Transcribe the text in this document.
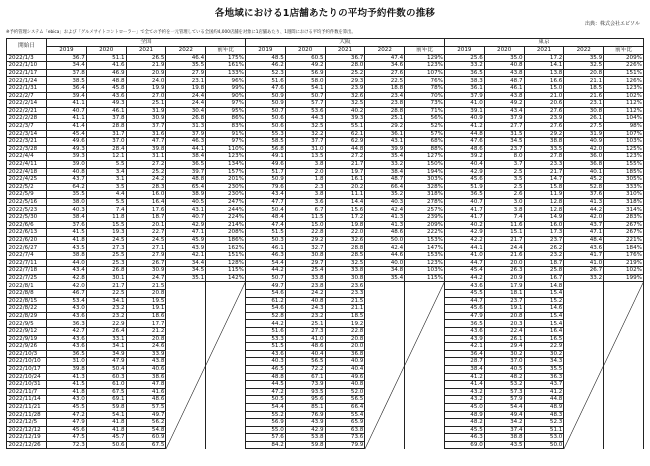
各地域における1店舗あたりの平均予約件数の推移
出典：株式会社エビソル
※予約管理システム「ebica」および「グルメサイトコントローラー」で全ての予約を一元管理している全国約4,000店舗を対象に1店舗あたり、1週間における平均予約件数を算出。
開始日	全国					大阪					東京				
	2019	2020	2021	2022	前年比	2019	2020	2021	2022	前年比	2019	2020	2021	2022	前年比
2022/1/3	36.7	51.1	26.5	46.4	175%	48.5	60.5	36.7	47.4	129%	25.6	35.0	17.2	35.9	209%
2022/1/10	34.4	41.6	21.9	35.5	161%	46.2	49.2	28.0	34.6	123%	33.2	40.8	14.1	32.5	226%
2022/1/17	37.8	46.9	20.9	27.9	133%	52.3	56.9	25.2	27.6	107%	36.5	43.8	13.8	20.8	151%
2022/1/24	38.5	48.8	24.0	23.1	96%	51.6	58.0	29.3	22.5	76%	38.3	48.7	16.6	21.1	126%
2022/1/31	36.4	45.8	19.9	19.8	99%	47.6	54.1	23.9	18.8	78%	36.1	46.1	15.0	18.5	123%
2022/2/7	39.4	43.6	27.0	24.4	90%	50.9	50.7	32.6	23.4	70%	37.9	43.8	21.0	21.6	102%
2022/2/14	41.1	49.3	25.1	24.4	97%	50.9	57.7	32.5	23.8	73%	41.0	49.2	20.6	23.1	112%
2022/2/21	40.7	46.1	31.9	30.4	95%	50.7	53.6	40.2	28.8	71%	39.1	43.4	27.6	30.8	112%
2022/2/28	41.1	37.8	30.9	26.8	86%	50.6	44.3	39.3	25.1	56%	40.9	37.9	23.9	26.1	104%
2022/3/7	41.4	28.8	37.7	31.3	83%	50.6	32.5	55.1	29.2	52%	41.2	27.7	27.6	27.5	98%
2022/3/14	45.4	31.7	31.6	37.9	91%	55.3	32.2	62.1	36.1	57%	44.8	31.5	29.2	31.9	107%
2022/3/21	49.6	37.0	47.7	46.3	97%	58.5	37.7	62.9	43.1	68%	47.6	34.5	38.8	40.9	103%
2022/3/28	49.3	28.4	39.8	44.1	110%	56.8	31.0	44.8	39.9	88%	48.6	23.7	33.5	42.0	125%
2022/4/4	39.3	12.1	31.1	38.4	123%	49.1	13.5	27.2	35.4	127%	39.2	8.0	27.8	36.0	123%
2022/4/11	39.0	5.5	27.2	36.5	134%	49.6	3.8	21.7	33.2	150%	40.4	3.7	23.3	36.8	155%
2022/4/18	40.8	3.4	25.2	39.7	157%	51.7	2.0	19.7	38.4	194%	42.9	2.5	21.7	40.1	185%
2022/4/25	43.7	3.1	24.2	48.8	201%	50.9	1.8	16.1	48.7	303%	45.6	3.5	14.7	45.2	305%
2022/5/2	64.2	3.5	28.3	65.4	230%	79.6	2.3	20.2	66.4	328%	51.9	2.5	15.8	52.8	333%
2022/5/9	35.5	4.4	16.0	38.9	230%	43.4	3.8	11.1	35.2	318%	36.5	2.6	11.9	37.6	310%
2022/5/16	38.0	5.5	16.4	40.5	247%	47.7	3.6	14.4	40.3	278%	40.7	3.0	12.8	41.3	318%
2022/5/23	40.3	7.4	17.6	43.1	244%	50.4	6.7	15.6	42.4	257%	41.7	3.8	12.8	44.2	314%
2022/5/30	38.4	11.8	18.7	40.7	224%	48.4	11.5	17.2	41.3	239%	41.7	7.4	14.9	42.0	283%
2022/6/6	37.6	15.5	20.1	42.9	214%	47.4	15.0	19.8	41.3	209%	40.2	11.6	16.0	43.7	267%
2022/6/13	41.5	19.3	22.7	47.1	208%	51.5	22.8	22.0	48.6	222%	42.9	15.1	17.3	47.1	267%
2022/6/20	41.8	24.5	24.5	45.9	186%	50.3	29.2	32.6	50.0	153%	42.2	21.7	23.7	48.4	221%
2022/6/27	43.5	27.3	27.1	43.9	162%	46.1	32.7	28.8	42.4	147%	44.1	24.4	26.2	43.6	184%
2022/7/4	38.8	25.5	27.9	42.1	151%	46.3	30.8	28.5	44.6	153%	41.0	21.6	23.2	41.7	176%
2022/7/11	44.0	25.3	26.7	34.4	128%	54.4	29.7	32.5	40.0	123%	44.7	20.0	18.7	41.0	219%
2022/7/18	43.4	26.8	30.9	34.5	115%	44.2	25.4	33.8	34.8	103%	45.4	26.3	25.8	26.7	102%
2022/7/25	42.8	30.1	24.7	35.1	142%	50.7	33.8	30.8	35.4	115%	44.2	20.9	16.7	33.2	199%
2022/8/1	42.0	21.7	21.5			49.7	23.8	23.6			43.6	17.9	14.8		
2022/8/8	46.7	22.5	20.8			54.6	24.2	23.3			45.5	18.1	15.4		
2022/8/15	53.4	34.1	19.5			61.2	40.8	21.5			44.7	23.7	15.2		
2022/8/22	43.0	23.2	19.1			54.6	24.3	21.1			45.6	19.1	14.6		
2022/8/29	43.6	23.2	18.6			52.8	23.2	18.5			47.9	20.8	15.4		
2022/9/5	36.3	22.9	17.7			44.2	25.1	19.2			36.5	20.3	15.4		
2022/9/12	42.7	26.4	21.2			51.6	27.3	22.8			43.6	22.4	16.4		
2022/9/19	43.6	33.1	20.8			53.3	41.0	20.8			43.9	26.1	16.5		
2022/9/26	43.6	34.1	24.6			51.5	48.6	20.0			42.1	29.4	22.9		
2022/10/3	36.5	34.9	33.9			43.6	40.4	36.8			36.4	30.2	30.2		
2022/10/10	31.0	47.9	43.8			40.3	56.5	40.9			28.7	37.0	34.3		
2022/10/17	39.8	50.4	40.6			46.5	72.2	40.4			38.4	40.5	35.5		
2022/10/24	41.3	60.3	38.6			48.8	67.1	49.6			41.2	48.2	36.3		
2022/10/31	41.5	61.0	47.8			44.5	73.9	40.8			41.4	53.2	43.7		
2022/11/7	41.8	67.5	41.6			47.2	93.5	52.0			43.2	57.3	41.2		
2022/11/14	43.0	69.1	48.6			50.5	95.6	56.5			43.2	57.9	44.8		
2022/11/21	45.5	59.8	57.5			54.4	85.1	66.4			45.0	54.4	48.9		
2022/11/28	47.2	54.1	49.7			55.2	76.9	55.4			48.9	49.4	48.3		
2022/12/5	47.9	41.8	56.2			56.9	43.9	65.9			48.2	34.2	52.3		
2022/12/12	45.6	41.8	54.8			55.0	42.9	63.8			45.5	37.4	51.1		
2022/12/19	47.5	45.7	60.9			57.6	53.8	73.6			46.3	38.8	53.0		
2022/12/26	72.3	50.6	67.5			84.2	59.8	79.9			69.0	43.5	50.0		
